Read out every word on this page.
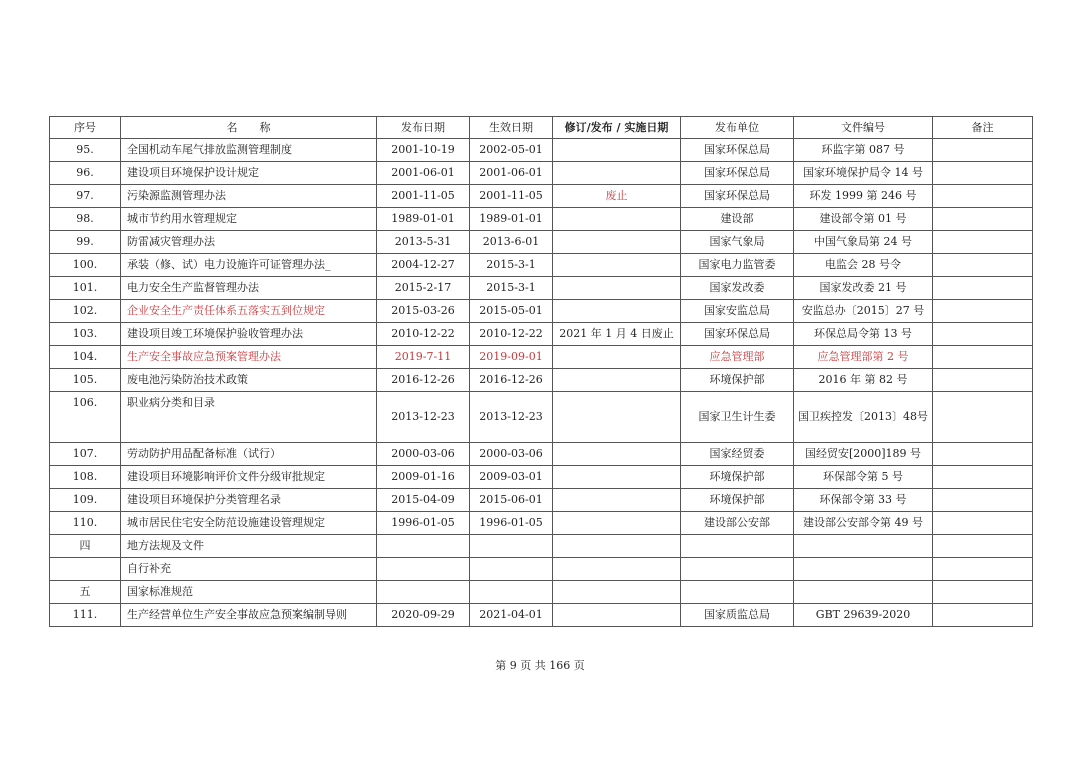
序号	名　　称	发布日期	生效日期	修订/发布 / 实施日期	发布单位	文件编号	备注
95.	全国机动车尾气排放监测管理制度	2001-10-19	2002-05-01		国家环保总局	环监字第 087 号	
96.	建设项目环境保护设计规定	2001-06-01	2001-06-01		国家环保总局	国家环境保护局令 14 号	
97.	污染源监测管理办法	2001-11-05	2001-11-05	废止	国家环保总局	环发 1999 第 246 号	
98.	城市节约用水管理规定	1989-01-01	1989-01-01		建设部	建设部令第 01 号	
99.	防雷减灾管理办法	2013-5-31	2013-6-01		国家气象局	中国气象局第 24 号	
100.	承装（修、试）电力设施许可证管理办法_	2004-12-27	2015-3-1		国家电力监管委	电监会 28 号令	
101.	电力安全生产监督管理办法	2015-2-17	2015-3-1		国家发改委	国家发改委 21 号	
102.	企业安全生产责任体系五落实五到位规定	2015-03-26	2015-05-01		国家安监总局	安监总办〔2015〕27 号	
103.	建设项目竣工环境保护验收管理办法	2010-12-22	2010-12-22	2021 年 1 月 4 日废止	国家环保总局	环保总局令第 13 号	
104.	生产安全事故应急预案管理办法	2019-7-11	2019-09-01		应急管理部	应急管理部第 2 号	
105.	废电池污染防治技术政策	2016-12-26	2016-12-26		环境保护部	2016 年 第 82 号	
106.	职业病分类和目录	2013-12-23	2013-12-23		国家卫生计生委	国卫疾控发〔2013〕48号	
107.	劳动防护用品配备标准（试行）	2000-03-06	2000-03-06		国家经贸委	国经贸安[2000]189 号	
108.	建设项目环境影响评价文件分级审批规定	2009-01-16	2009-03-01		环境保护部	环保部令第 5 号	
109.	建设项目环境保护分类管理名录	2015-04-09	2015-06-01		环境保护部	环保部令第 33 号	
110.	城市居民住宅安全防范设施建设管理规定	1996-01-05	1996-01-05		建设部公安部	建设部公安部令第 49 号	
四	地方法规及文件						
	自行补充						
五	国家标准规范						
111.	生产经营单位生产安全事故应急预案编制导则	2020-09-29	2021-04-01		国家质监总局	GBT 29639-2020	
第 9 页 共 166 页
